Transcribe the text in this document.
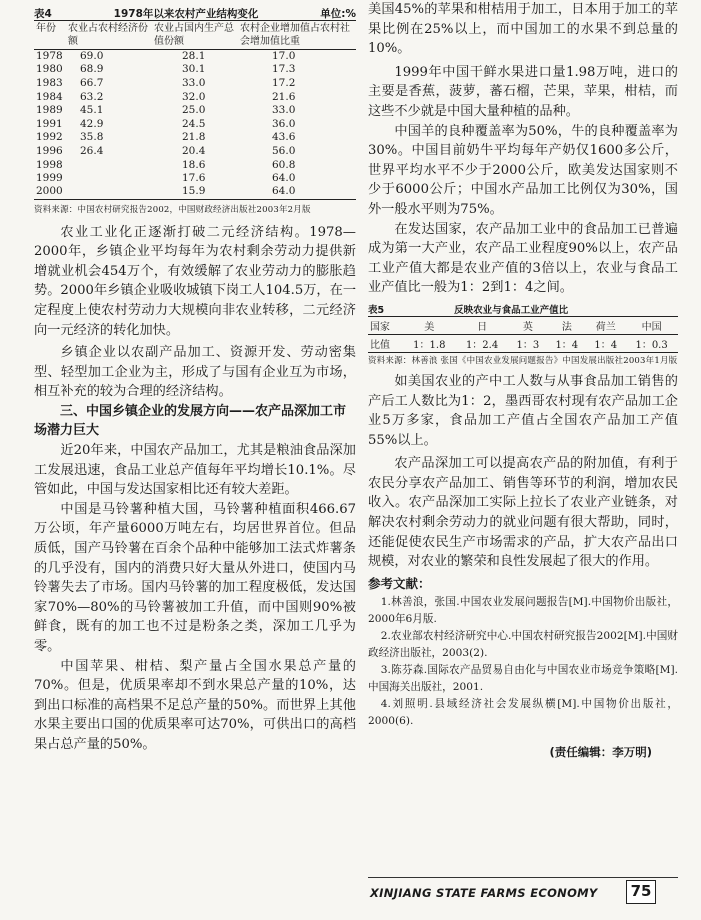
表4	1978年以来农村产业结构变化	单位:%
年份	农业占农村经济份额	农业占国内生产总值份额	农村企业增加值占农村社会增加值比重
1978	69.0	28.1	17.0
1980	68.9	30.1	17.3
1983	66.7	33.0	17.2
1984	63.2	32.0	21.6
1989	45.1	25.0	33.0
1991	42.9	24.5	36.0
1992	35.8	21.8	43.6
1996	26.4	20.4	56.0
1998		18.6	60.8
1999		17.6	64.0
2000		15.9	64.0
资料来源：中国农村研究报告2002，中国财政经济出版社2003年2月版

农业工业化正逐渐打破二元经济结构。1978—2000年，乡镇企业平均每年为农村剩余劳动力提供新增就业机会454万个，有效缓解了农业劳动力的膨胀趋势。2000年乡镇企业吸收城镇下岗工人104.5万，在一定程度上使农村劳动力大规模向非农业转移，二元经济向一元经济的转化加快。

乡镇企业以农副产品加工、资源开发、劳动密集型、轻型加工企业为主，形成了与国有企业互为市场，相互补充的较为合理的经济结构。

三、中国乡镇企业的发展方向——农产品深加工市场潜力巨大

近20年来，中国农产品加工，尤其是粮油食品深加工发展迅速，食品工业总产值每年平均增长10.1%。尽管如此，中国与发达国家相比还有较大差距。

中国是马铃薯种植大国，马铃薯种植面积466.67万公顷，年产量6000万吨左右，均居世界首位。但品质低，国产马铃薯在百余个品种中能够加工法式炸薯条的几乎没有，国内的消费只好大量从外进口，使国内马铃薯失去了市场。国内马铃薯的加工程度极低，发达国家70%—80%的马铃薯被加工升值，而中国则90%被鲜食，既有的加工也不过是粉条之类，深加工几乎为零。

中国苹果、柑桔、梨产量占全国水果总产量的70%。但是，优质果率却不到水果总产量的10%，达到出口标准的高档果不足总产量的50%。而世界上其他水果主要出口国的优质果率可达70%，可供出口的高档果占总产量的50%。

美国45%的苹果和柑桔用于加工，日本用于加工的苹果比例在25%以上，而中国加工的水果不到总量的10%。

1999年中国干鲜水果进口量1.98万吨，进口的主要是香蕉，菠萝，蕃石榴，芒果，苹果，柑桔，而这些不少就是中国大量种植的品种。

中国羊的良种覆盖率为50%，牛的良种覆盖率为30%。中国目前奶牛平均每年产奶仅1600多公斤，世界平均水平不少于2000公斤，欧美发达国家则不少于6000公斤；中国水产品加工比例仅为30%，国外一般水平则为75%。

在发达国家，农产品加工业中的食品加工已普遍成为第一大产业，农产品工业程度90%以上，农产品工业产值大都是农业产值的3倍以上，农业与食品工业产值比一般为1：2到1：4之间。

表5	反映农业与食品工业产值比
国家	美	日	英	法	荷兰	中国
比值	1：1.8	1：2.4	1：3	1：4	1：4	1：0.3
资料来源：林善浪 张国《中国农业发展问题报告》中国发展出版社2003年1月版

如美国农业的产中工人数与从事食品加工销售的产后工人数比为1：2，墨西哥农村现有农产品加工企业5万多家，食品加工产值占全国农产品加工产值55%以上。

农产品深加工可以提高农产品的附加值，有利于农民分享农产品加工、销售等环节的利润，增加农民收入。农产品深加工实际上拉长了农业产业链条，对解决农村剩余劳动力的就业问题有很大帮助，同时，还能促使农民生产市场需求的产品，扩大农产品出口规模，对农业的繁荣和良性发展起了很大的作用。

参考文献：

1.林善浪，张国.中国农业发展问题报告[M].中国物价出版社，2000年6月版.

2.农业部农村经济研究中心.中国农村研究报告2002[M].中国财政经济出版社，2003(2).

3.陈芬森.国际农产品贸易自由化与中国农业市场竞争策略[M].中国海关出版社，2001.

4.刘照明.县域经济社会发展纵横[M].中国物价出版社，2000(6).

(责任编辑：李万明)
XINJIANG STATE FARMS ECONOMY	75
